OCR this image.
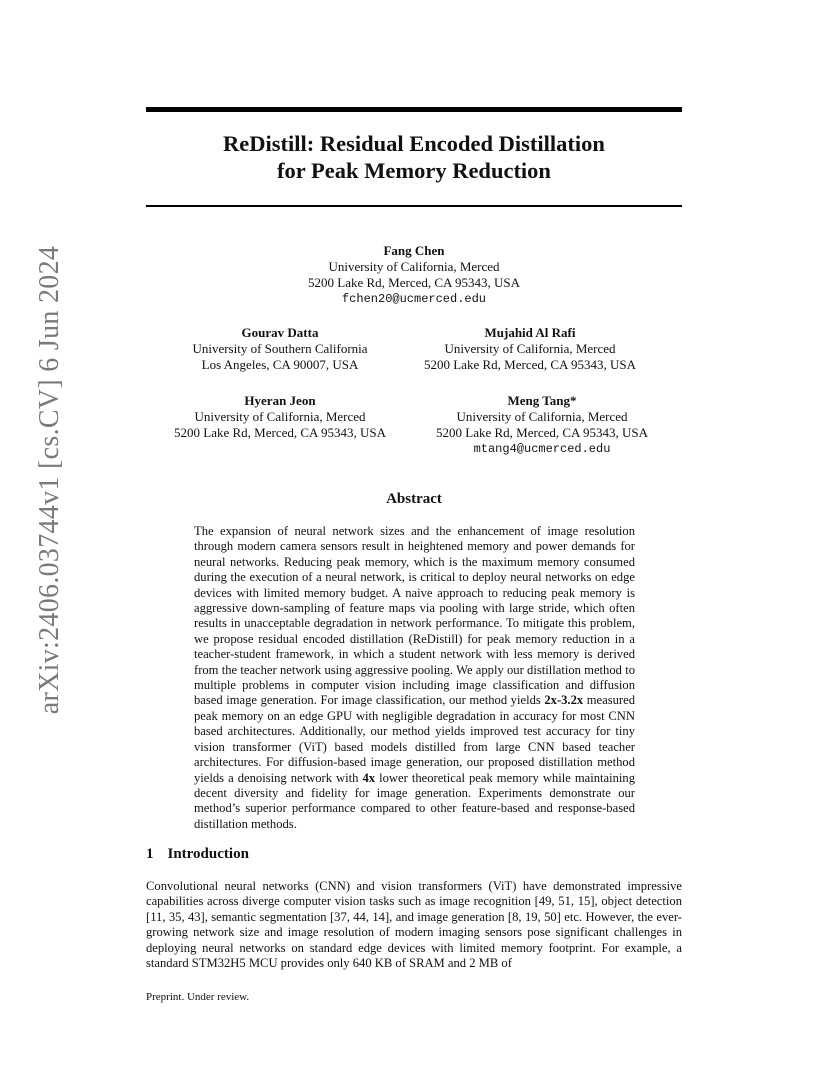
arXiv:2406.03744v1 [cs.CV] 6 Jun 2024
ReDistill: Residual Encoded Distillation
for Peak Memory Reduction
Fang Chen
University of California, Merced
5200 Lake Rd, Merced, CA 95343, USA
fchen20@ucmerced.edu
Gourav Datta
University of Southern California
Los Angeles, CA 90007, USA
Mujahid Al Rafi
University of California, Merced
5200 Lake Rd, Merced, CA 95343, USA
Hyeran Jeon
University of California, Merced
5200 Lake Rd, Merced, CA 95343, USA
Meng Tang*
University of California, Merced
5200 Lake Rd, Merced, CA 95343, USA
mtang4@ucmerced.edu
Abstract
The expansion of neural network sizes and the enhancement of image resolution through modern camera sensors result in heightened memory and power demands for neural networks. Reducing peak memory, which is the maximum memory consumed during the execution of a neural network, is critical to deploy neural networks on edge devices with limited memory budget. A naive approach to reducing peak memory is aggressive down-sampling of feature maps via pooling with large stride, which often results in unacceptable degradation in network performance. To mitigate this problem, we propose residual encoded distillation (ReDistill) for peak memory reduction in a teacher-student framework, in which a student network with less memory is derived from the teacher network using aggressive pooling. We apply our distillation method to multiple problems in computer vision including image classification and diffusion based image generation. For image classification, our method yields 2x-3.2x measured peak memory on an edge GPU with negligible degradation in accuracy for most CNN based architectures. Additionally, our method yields improved test accuracy for tiny vision transformer (ViT) based models distilled from large CNN based teacher architectures. For diffusion-based image generation, our proposed distillation method yields a denoising network with 4x lower theoretical peak memory while maintaining decent diversity and fidelity for image generation. Experiments demonstrate our method’s superior performance compared to other feature-based and response-based distillation methods.
1 Introduction
Convolutional neural networks (CNN) and vision transformers (ViT) have demonstrated impressive capabilities across diverge computer vision tasks such as image recognition [49, 51, 15], object detection [11, 35, 43], semantic segmentation [37, 44, 14], and image generation [8, 19, 50] etc. However, the ever-growing network size and image resolution of modern imaging sensors pose significant challenges in deploying neural networks on standard edge devices with limited memory footprint. For example, a standard STM32H5 MCU provides only 640 KB of SRAM and 2 MB of
Preprint. Under review.
